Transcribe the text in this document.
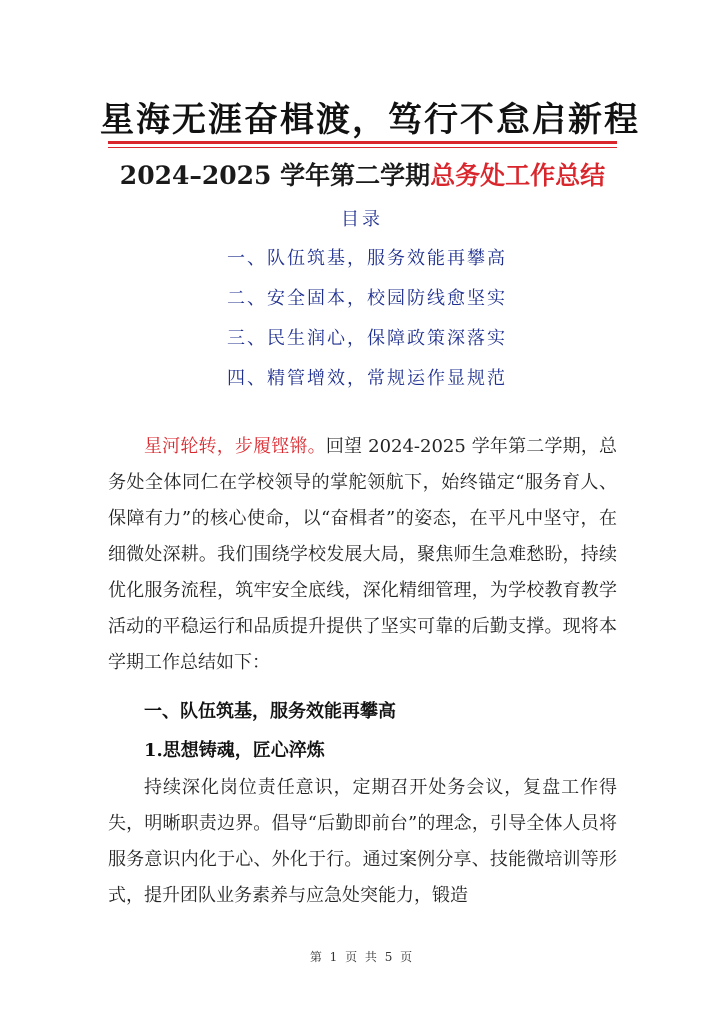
星海无涯奋楫渡，笃行不怠启新程
2024–2025 学年第二学期总务处工作总结
目录
一、队伍筑基，服务效能再攀高
二、安全固本，校园防线愈坚实
三、民生润心，保障政策深落实
四、精管增效，常规运作显规范

星河轮转，步履铿锵。回望 2024-2025 学年第二学期，总务处全体同仁在学校领导的掌舵领航下，始终锚定“服务育人、保障有力”的核心使命，以“奋楫者”的姿态，在平凡中坚守，在细微处深耕。我们围绕学校发展大局，聚焦师生急难愁盼，持续优化服务流程，筑牢安全底线，深化精细管理，为学校教育教学活动的平稳运行和品质提升提供了坚实可靠的后勤支撑。现将本学期工作总结如下：

一、队伍筑基，服务效能再攀高
1.思想铸魂，匠心淬炼

持续深化岗位责任意识，定期召开处务会议，复盘工作得失，明晰职责边界。倡导“后勤即前台”的理念，引导全体人员将服务意识内化于心、外化于行。通过案例分享、技能微培训等形式，提升团队业务素养与应急处突能力，锻造

第 1 页 共 5 页
